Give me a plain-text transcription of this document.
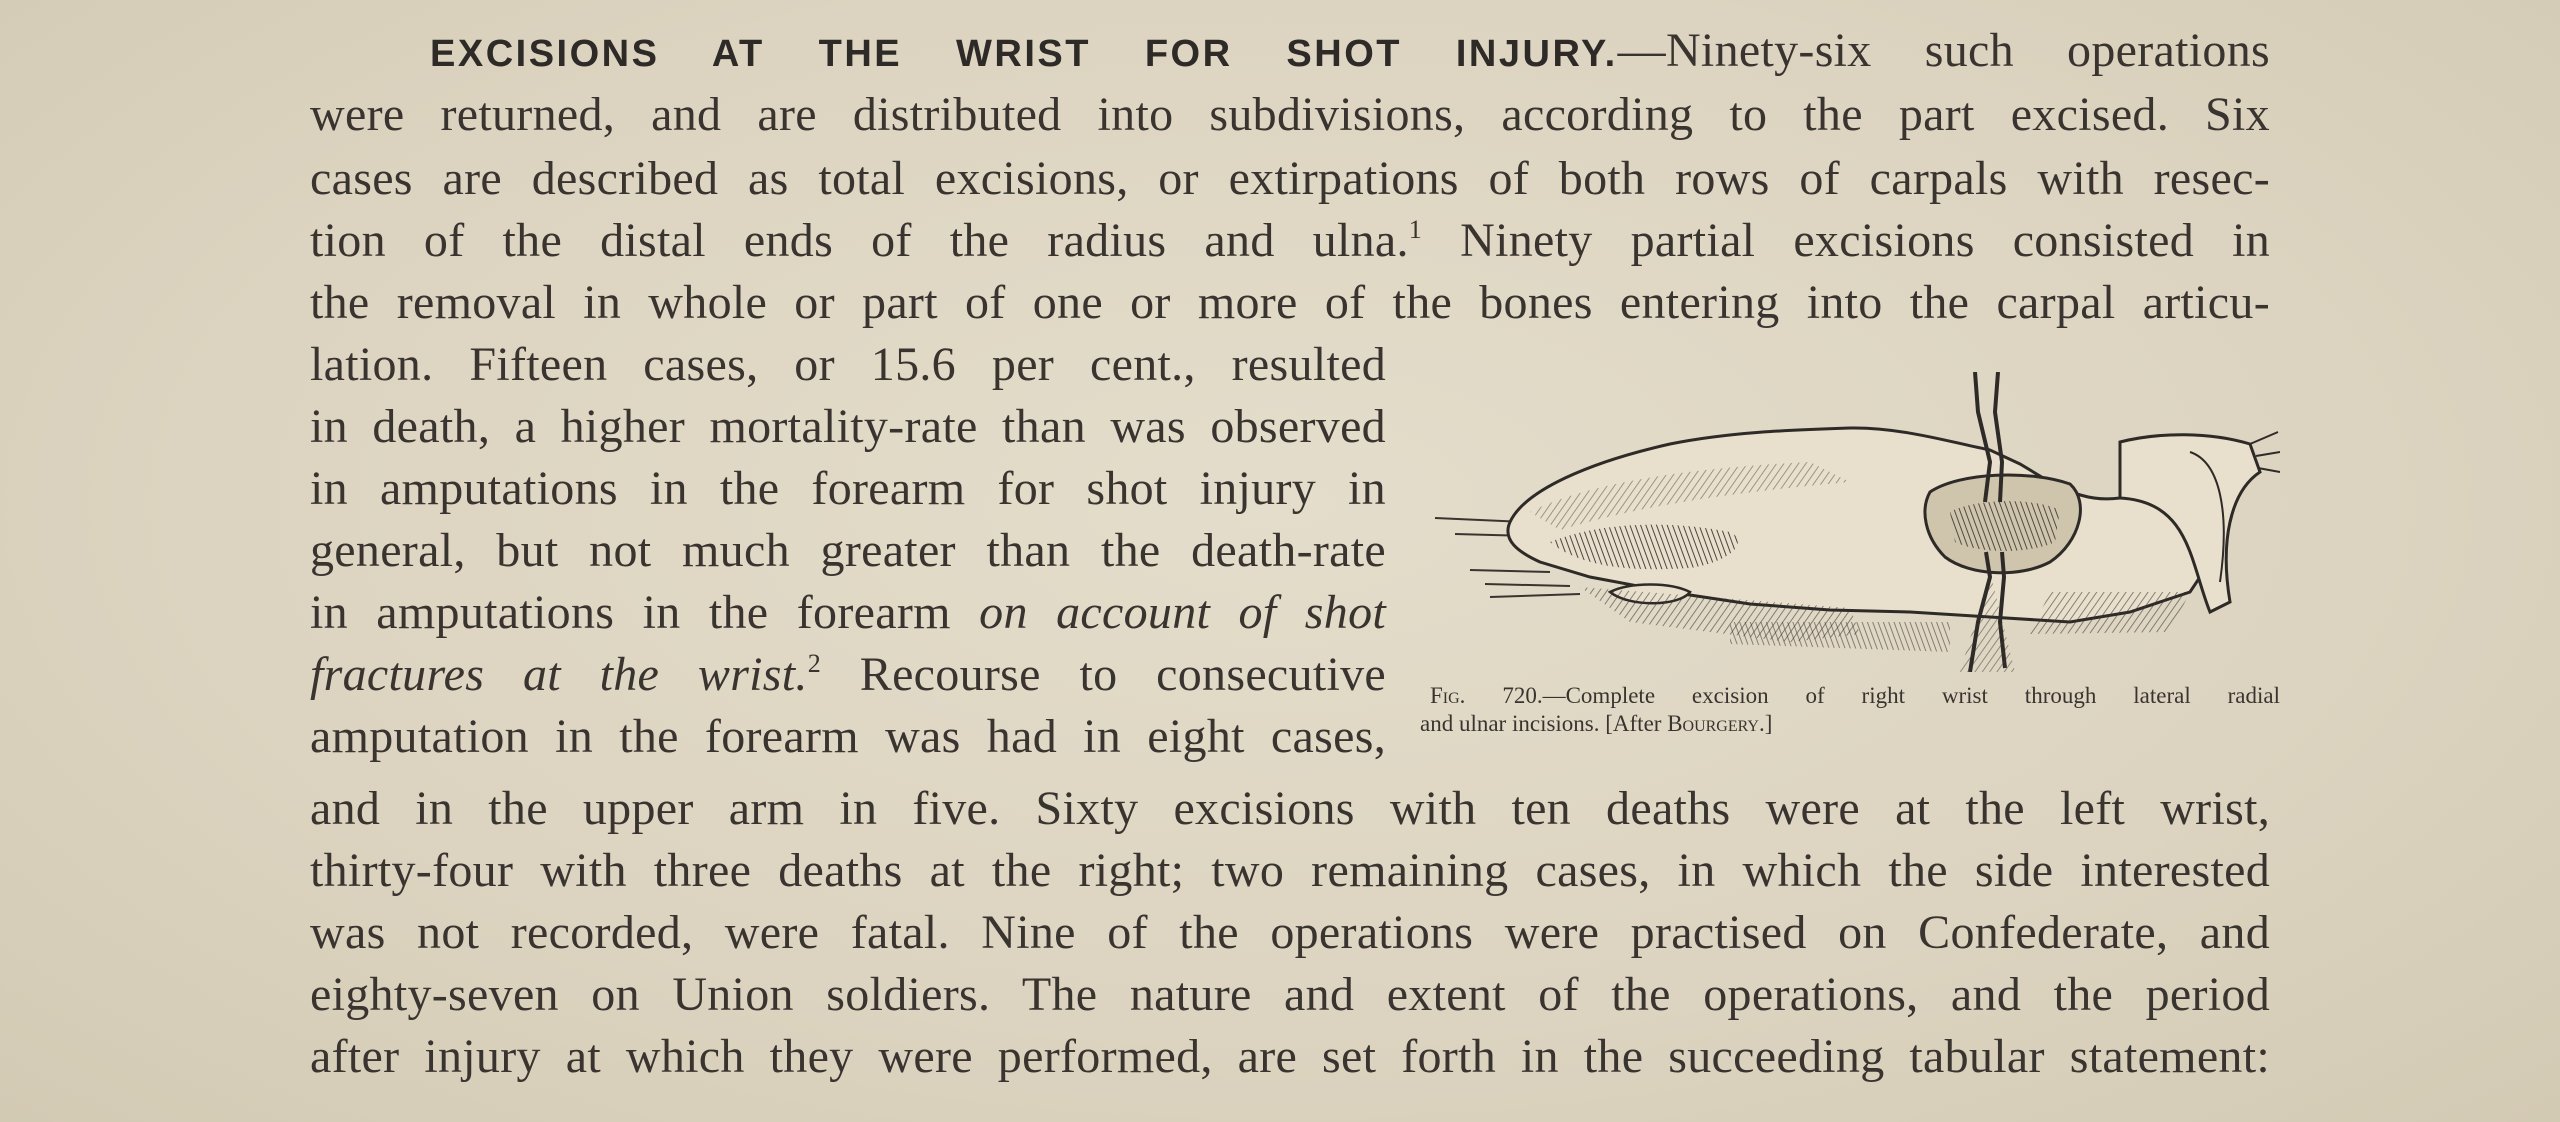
EXCISIONS AT THE WRIST FOR SHOT INJURY.—Ninety-six such operations
were returned, and are distributed into subdivisions, according to the part excised. Six
cases are described as total excisions, or extirpations of both rows of carpals with resec-
tion of the distal ends of the radius and ulna.$^1$ Ninety partial excisions consisted in
the removal in whole or part of one or more of the bones entering into the carpal articu-
lation. Fifteen cases, or 15.6 per cent., resulted
in death, a higher mortality-rate than was observed
in amputations in the forearm for shot injury in
general, but not much greater than the death-rate
in amputations in the forearm on account of shot
fractures at the wrist.$^2$ Recourse to consecutive
amputation in the forearm was had in eight cases,
and in the upper arm in five. Sixty excisions with ten deaths were at the left wrist,
thirty-four with three deaths at the right; two remaining cases, in which the side interested
was not recorded, were fatal. Nine of the operations were practised on Confederate, and
eighty-seven on Union soldiers. The nature and extent of the operations, and the period
after injury at which they were performed, are set forth in the succeeding tabular statement:
Fig. 720.—Complete excision of right wrist through lateral radial
and ulnar incisions. [After Bourgery.]
